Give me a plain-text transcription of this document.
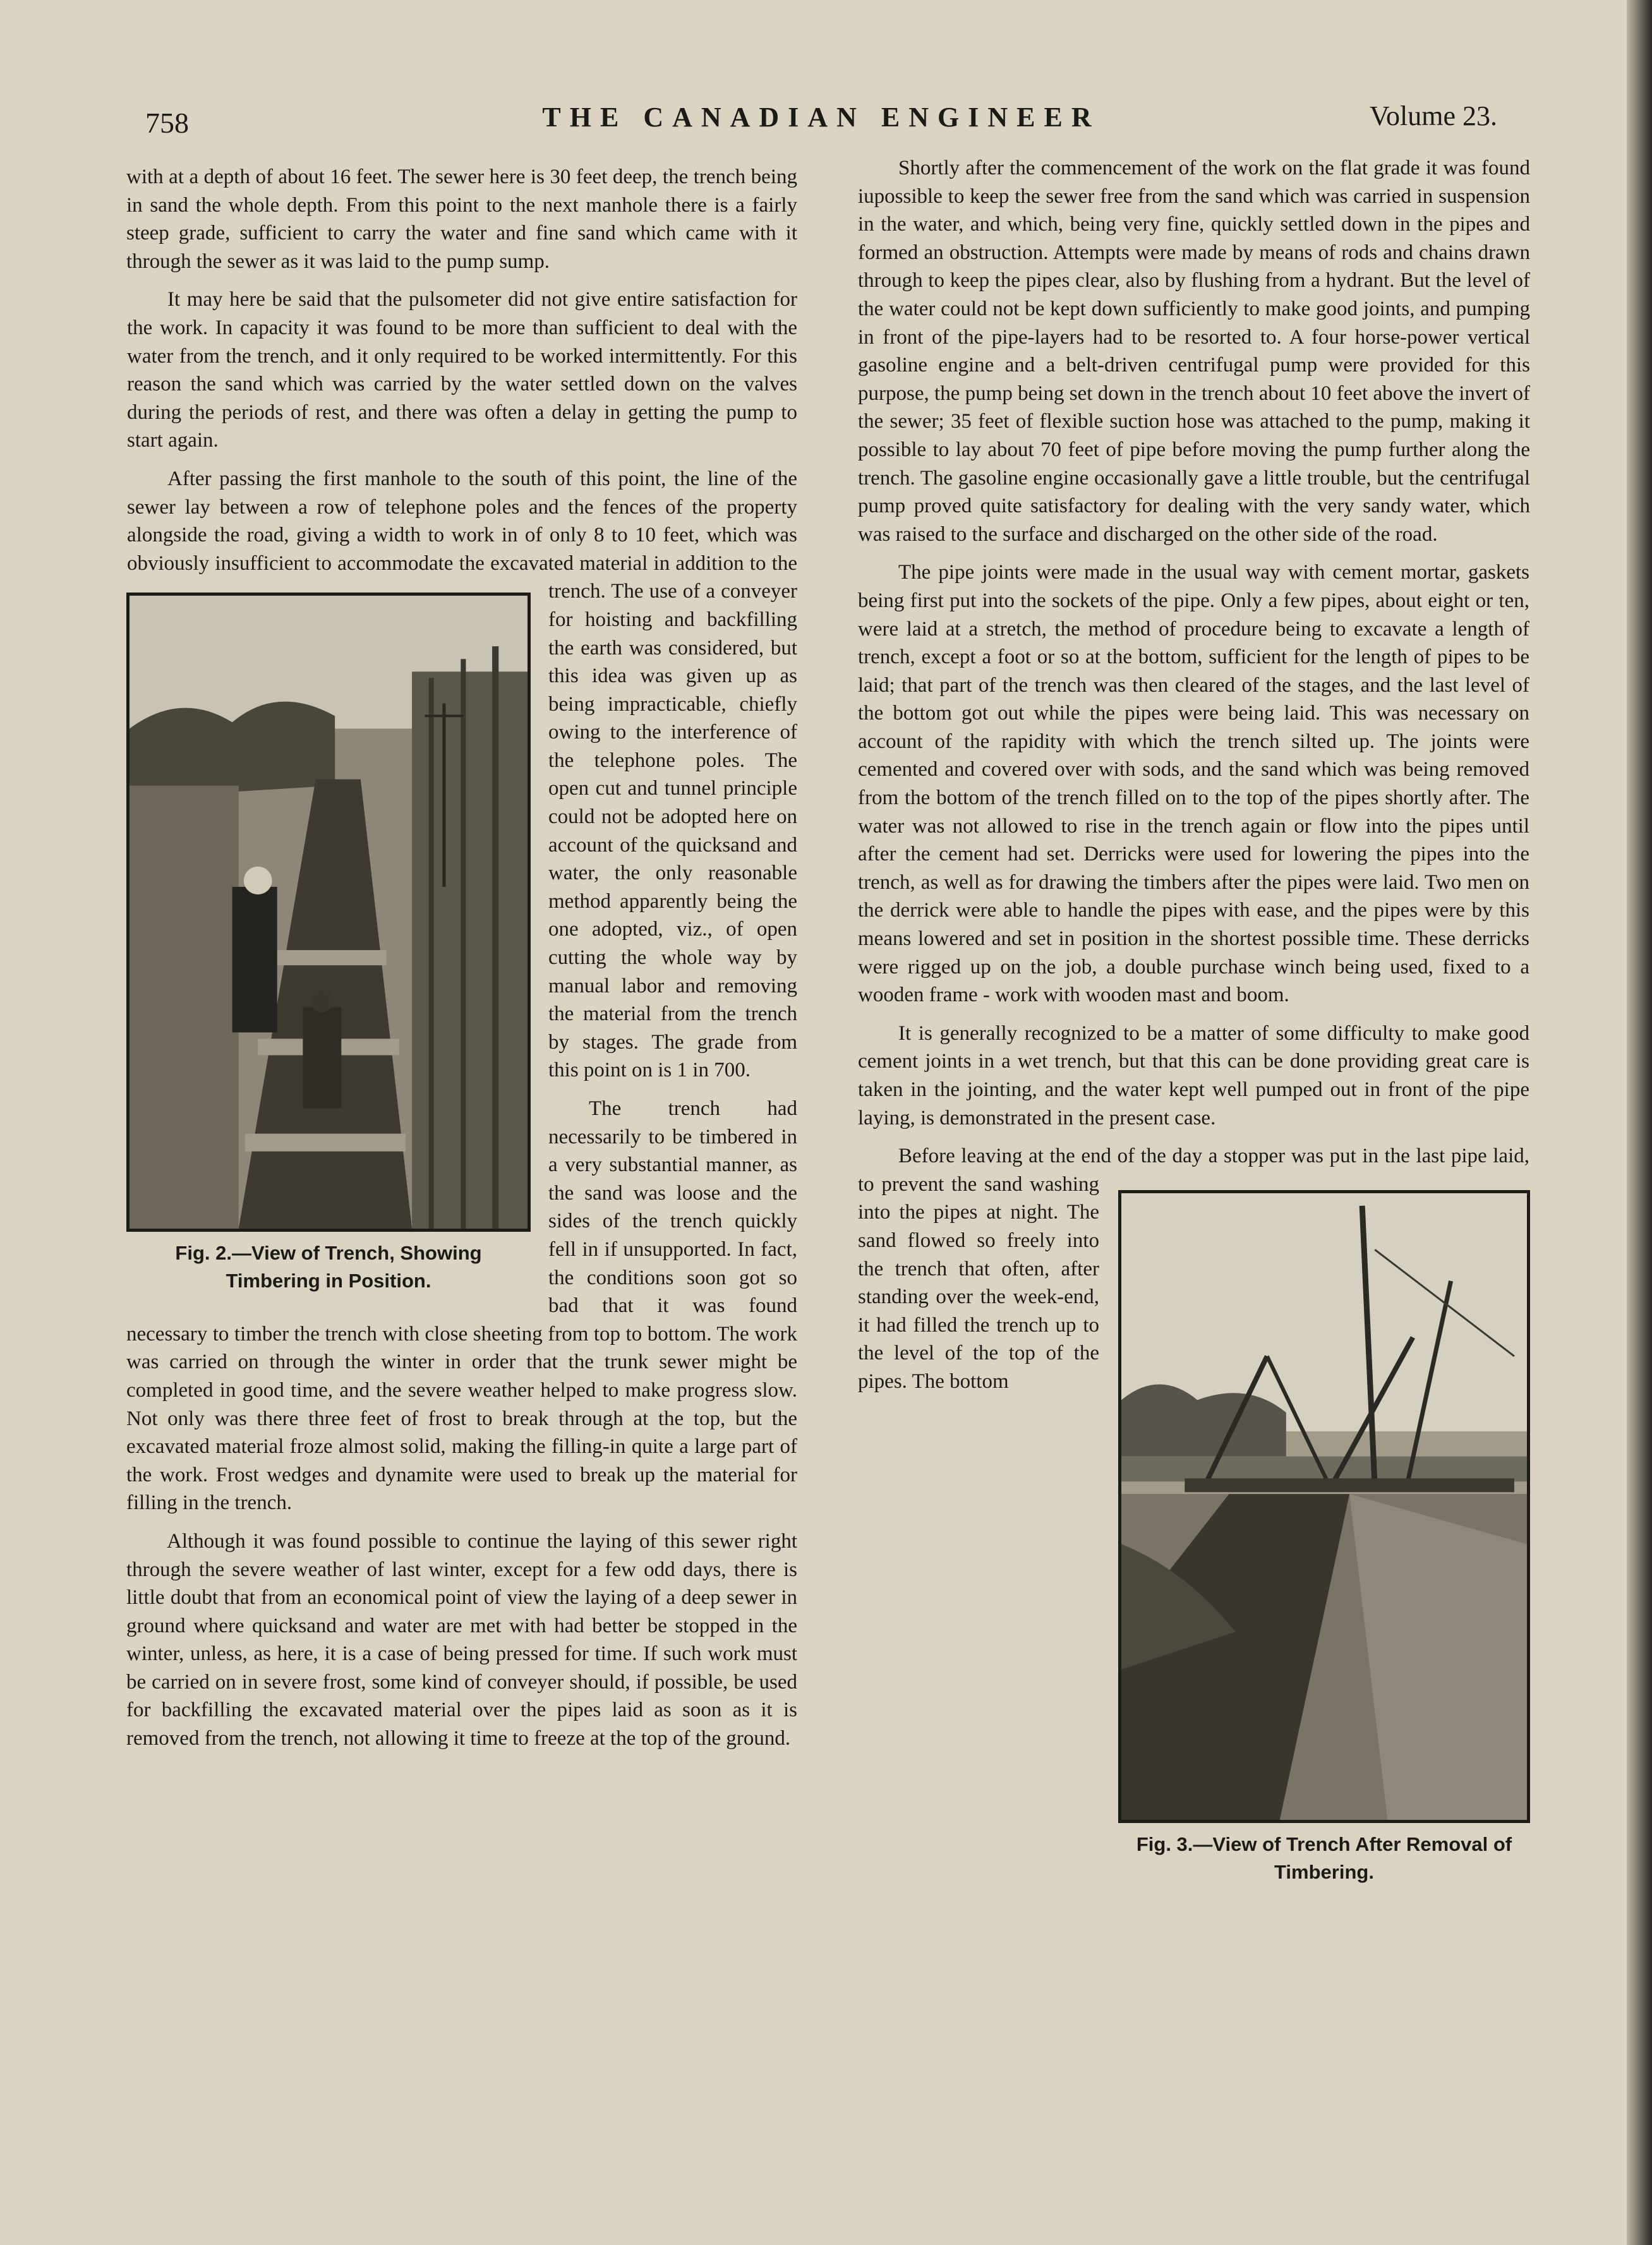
758	THE CANADIAN ENGINEER	Volume 23.

with at a depth of about 16 feet. The sewer here is 30 feet deep, the trench being in sand the whole depth. From this point to the next manhole there is a fairly steep grade, sufficient to carry the water and fine sand which came with it through the sewer as it was laid to the pump sump.

Fig. 2.—View of Trench, Showing Timbering in Position.

It may here be said that the pulsometer did not give entire satisfaction for the work. In capacity it was found to be more than sufficient to deal with the water from the trench, and it only required to be worked intermittently. For this reason the sand which was carried by the water settled down on the valves during the periods of rest, and there was often a delay in getting the pump to start again.

After passing the first manhole to the south of this point, the line of the sewer lay between a row of telephone poles and the fences of the property alongside the road, giving a width to work in of only 8 to 10 feet, which was obviously insufficient to accommodate the excavated material in addition to the trench. The use of a conveyer for hoisting and backfilling the earth was considered, but this idea was given up as being impracticable, chiefly owing to the interference of the telephone poles. The open cut and tunnel principle could not be adopted here on account of the quicksand and water, the only reasonable method apparently being the one adopted, viz., of open cutting the whole way by manual labor and removing the material from the trench by stages. The grade from this point on is 1 in 700.

The trench had necessarily to be timbered in a very substantial manner, as the sand was loose and the sides of the trench quickly fell in if unsupported. In fact, the conditions soon got so bad that it was found necessary to timber the trench with close sheeting from top to bottom. The work was carried on through the winter in order that the trunk sewer might be completed in good time, and the severe weather helped to make progress slow. Not only was there three feet of frost to break through at the top, but the excavated material froze almost solid, making the filling-in quite a large part of the work. Frost wedges and dynamite were used to break up the material for filling in the trench.

Although it was found possible to continue the laying of this sewer right through the severe weather of last winter, except for a few odd days, there is little doubt that from an economical point of view the laying of a deep sewer in ground where quicksand and water are met with had better be stopped in the winter, unless, as here, it is a case of being pressed for time. If such work must be carried on in severe frost, some kind of conveyer should, if possible, be used for backfilling the excavated material over the pipes laid as soon as it is removed from the trench, not allowing it time to freeze at the top of the ground.

Shortly after the commencement of the work on the flat grade it was found iupossible to keep the sewer free from the sand which was carried in suspension in the water, and which, being very fine, quickly settled down in the pipes and formed an obstruction. Attempts were made by means of rods and chains drawn through to keep the pipes clear, also by flushing from a hydrant. But the level of the water could not be kept down sufficiently to make good joints, and pumping in front of the pipe-layers had to be resorted to. A four horse-power vertical gasoline engine and a belt-driven centrifugal pump were provided for this purpose, the pump being set down in the trench about 10 feet above the invert of the sewer; 35 feet of flexible suction hose was attached to the pump, making it possible to lay about 70 feet of pipe before moving the pump further along the trench. The gasoline engine occasionally gave a little trouble, but the centrifugal pump proved quite satisfactory for dealing with the very sandy water, which was raised to the surface and discharged on the other side of the road.

Fig. 3.—View of Trench After Removal of Timbering.

The pipe joints were made in the usual way with cement mortar, gaskets being first put into the sockets of the pipe. Only a few pipes, about eight or ten, were laid at a stretch, the method of procedure being to excavate a length of trench, except a foot or so at the bottom, sufficient for the length of pipes to be laid; that part of the trench was then cleared of the stages, and the last level of the bottom got out while the pipes were being laid. This was necessary on account of the rapidity with which the trench silted up. The joints were cemented and covered over with sods, and the sand which was being removed from the bottom of the trench filled on to the top of the pipes shortly after. The water was not allowed to rise in the trench again or flow into the pipes until after the cement had set. Derricks were used for lowering the pipes into the trench, as well as for drawing the timbers after the pipes were laid. Two men on the derrick were able to handle the pipes with ease, and the pipes were by this means lowered and set in position in the shortest possible time. These derricks were rigged up on the job, a double purchase winch being used, fixed to a wooden frame - work with wooden mast and boom.

It is generally recognized to be a matter of some difficulty to make good cement joints in a wet trench, but that this can be done providing great care is taken in the jointing, and the water kept well pumped out in front of the pipe laying, is demonstrated in the present case.

Before leaving at the end of the day a stopper was put in the last pipe laid, to prevent the sand washing into the pipes at night. The sand flowed so freely into the trench that often, after standing over the week-end, it had filled the trench up to the level of the top of the pipes. The bottom
